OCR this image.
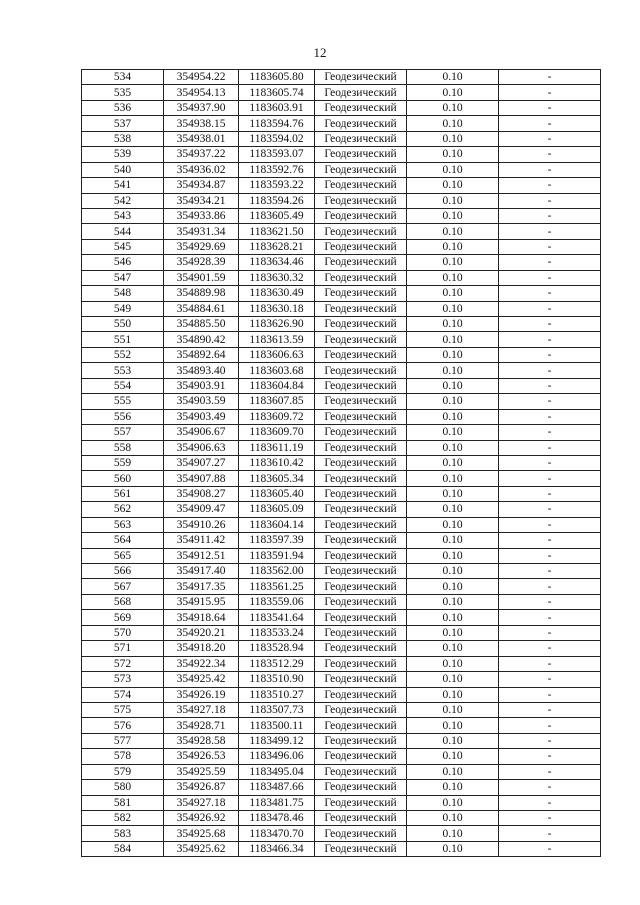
12
534	354954.22	1183605.80	Геодезический	0.10	-
535	354954.13	1183605.74	Геодезический	0.10	-
536	354937.90	1183603.91	Геодезический	0.10	-
537	354938.15	1183594.76	Геодезический	0.10	-
538	354938.01	1183594.02	Геодезический	0.10	-
539	354937.22	1183593.07	Геодезический	0.10	-
540	354936.02	1183592.76	Геодезический	0.10	-
541	354934.87	1183593.22	Геодезический	0.10	-
542	354934.21	1183594.26	Геодезический	0.10	-
543	354933.86	1183605.49	Геодезический	0.10	-
544	354931.34	1183621.50	Геодезический	0.10	-
545	354929.69	1183628.21	Геодезический	0.10	-
546	354928.39	1183634.46	Геодезический	0.10	-
547	354901.59	1183630.32	Геодезический	0.10	-
548	354889.98	1183630.49	Геодезический	0.10	-
549	354884.61	1183630.18	Геодезический	0.10	-
550	354885.50	1183626.90	Геодезический	0.10	-
551	354890.42	1183613.59	Геодезический	0.10	-
552	354892.64	1183606.63	Геодезический	0.10	-
553	354893.40	1183603.68	Геодезический	0.10	-
554	354903.91	1183604.84	Геодезический	0.10	-
555	354903.59	1183607.85	Геодезический	0.10	-
556	354903.49	1183609.72	Геодезический	0.10	-
557	354906.67	1183609.70	Геодезический	0.10	-
558	354906.63	1183611.19	Геодезический	0.10	-
559	354907.27	1183610.42	Геодезический	0.10	-
560	354907.88	1183605.34	Геодезический	0.10	-
561	354908.27	1183605.40	Геодезический	0.10	-
562	354909.47	1183605.09	Геодезический	0.10	-
563	354910.26	1183604.14	Геодезический	0.10	-
564	354911.42	1183597.39	Геодезический	0.10	-
565	354912.51	1183591.94	Геодезический	0.10	-
566	354917.40	1183562.00	Геодезический	0.10	-
567	354917.35	1183561.25	Геодезический	0.10	-
568	354915.95	1183559.06	Геодезический	0.10	-
569	354918.64	1183541.64	Геодезический	0.10	-
570	354920.21	1183533.24	Геодезический	0.10	-
571	354918.20	1183528.94	Геодезический	0.10	-
572	354922.34	1183512.29	Геодезический	0.10	-
573	354925.42	1183510.90	Геодезический	0.10	-
574	354926.19	1183510.27	Геодезический	0.10	-
575	354927.18	1183507.73	Геодезический	0.10	-
576	354928.71	1183500.11	Геодезический	0.10	-
577	354928.58	1183499.12	Геодезический	0.10	-
578	354926.53	1183496.06	Геодезический	0.10	-
579	354925.59	1183495.04	Геодезический	0.10	-
580	354926.87	1183487.66	Геодезический	0.10	-
581	354927.18	1183481.75	Геодезический	0.10	-
582	354926.92	1183478.46	Геодезический	0.10	-
583	354925.68	1183470.70	Геодезический	0.10	-
584	354925.62	1183466.34	Геодезический	0.10	-
